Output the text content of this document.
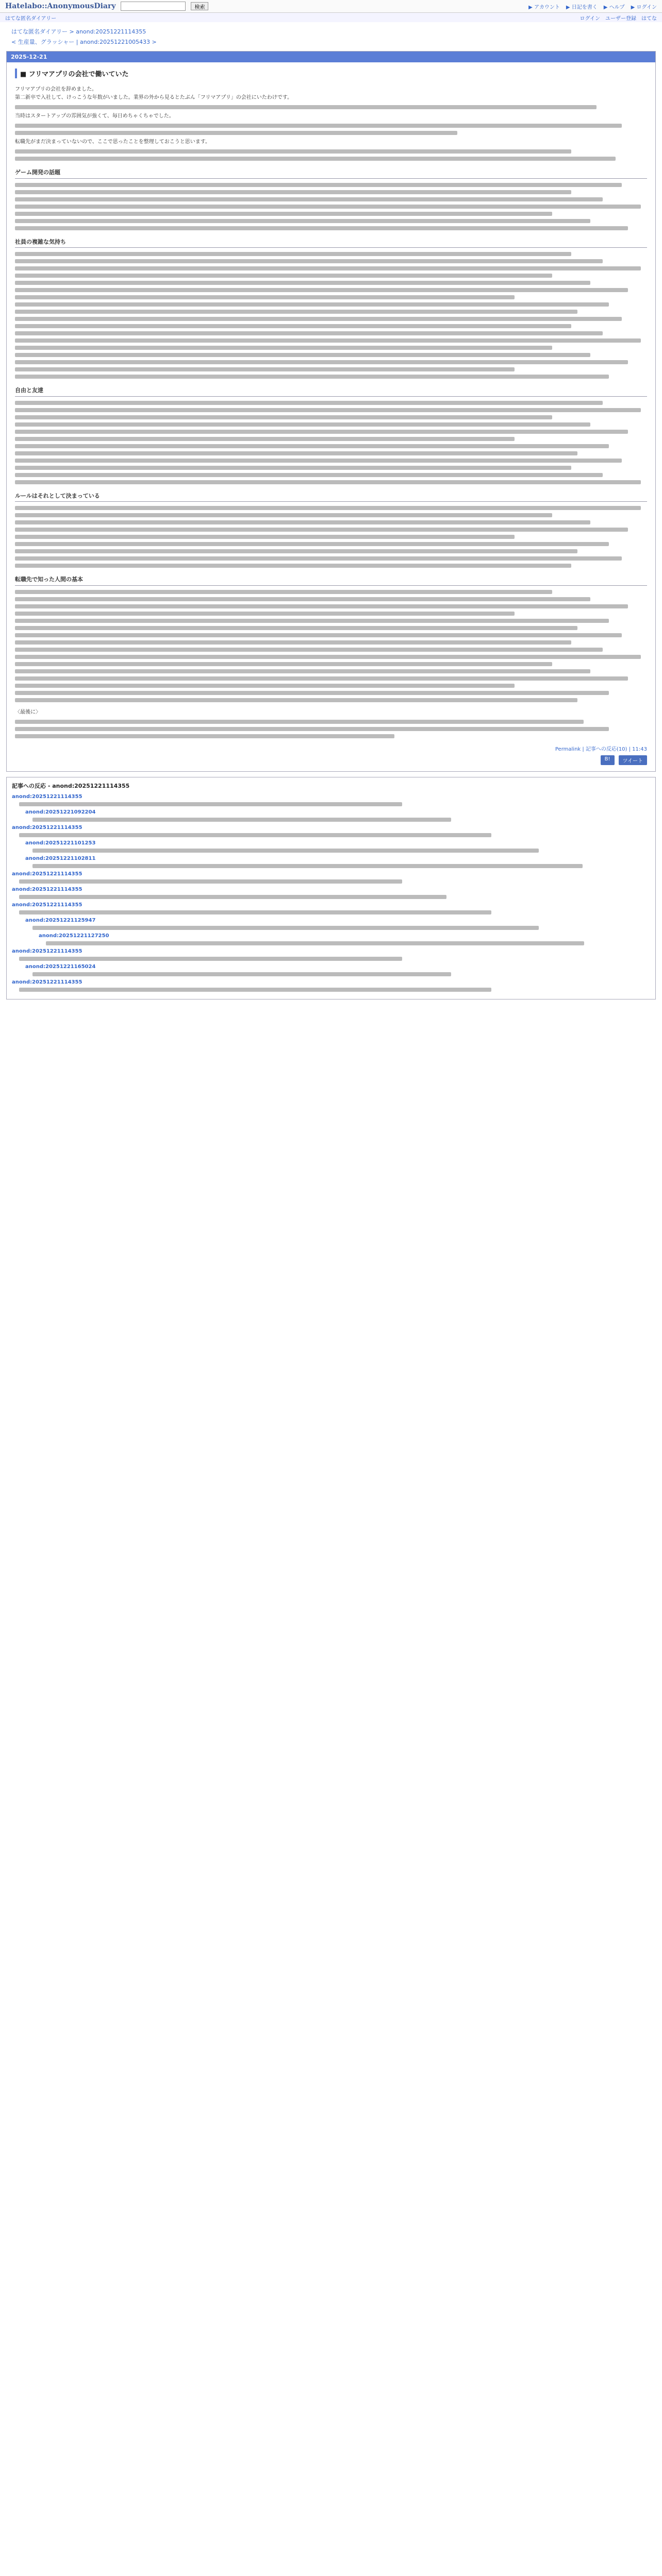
Hatelabo::AnonymousDiary	検索	▶ アカウント ▶ 日記を書く ▶ ヘルプ ▶ ログイン
はてな匿名ダイアリー	ログイン ユーザー登録 はてな
はてな匿名ダイアリー > anond:20251221114355
< 生産量、グラッシャー | anond:20251221005433 >
2025-12-21
■ フリマアプリの会社で働いていた
フリマアプリの会社を辞めました。
第二新卒で入社して、けっこうな年数がいました。業界の外から見るとたぶん「フリマアプリ」の会社にいたわけです。
当時はスタートアップの雰囲気が強くて、毎日めちゃくちゃでした。
転職先がまだ決まっていないので、ここで思ったことを整理しておこうと思います。
ゲーム開発の話題
社員の複雑な気持ち
自由と友達
ルールはそれとして決まっている
転職先で知った人間の基本
〈最後に〉
Permalink | 記事への反応(10) | 11:43
B!	ツイート
記事への反応 - anond:20251221114355
anond:20251221114355
anond:20251221092204
anond:20251221114355
anond:20251221101253
anond:20251221102811
anond:20251221114355
anond:20251221114355
anond:20251221114355
anond:20251221125947
anond:20251221127250
anond:20251221114355
anond:20251221165024
anond:20251221114355
